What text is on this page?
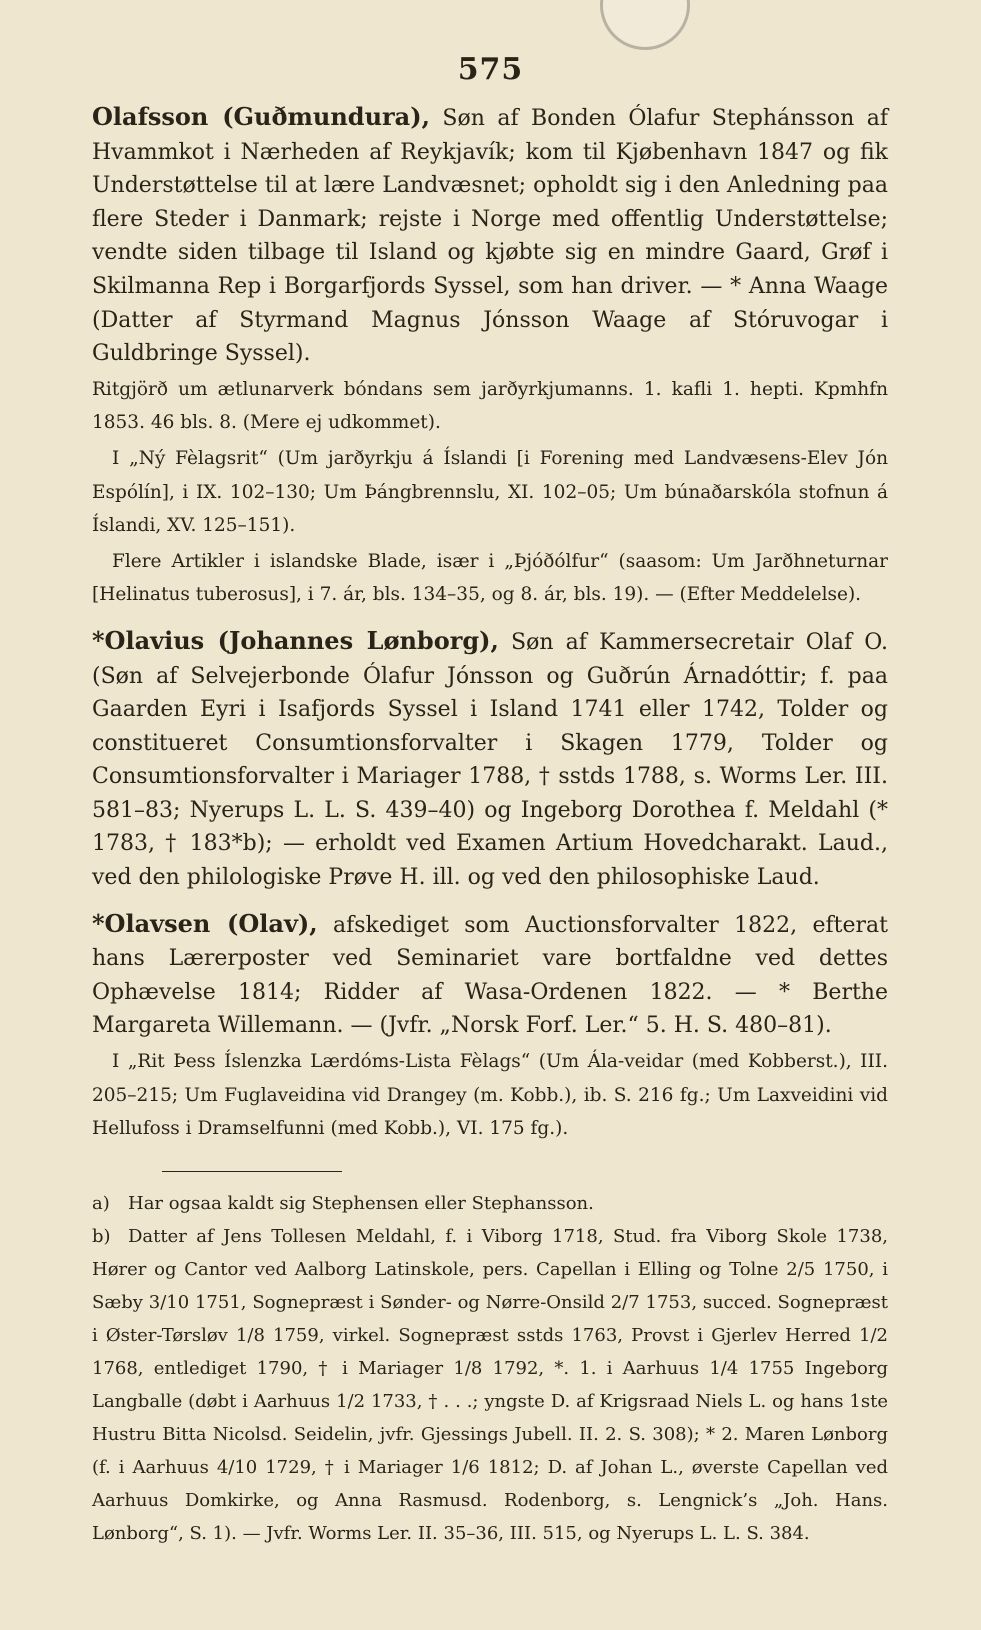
575

Olafsson (Guðmundura), Søn af Bonden Ólafur Stephánsson af Hvammkot i Nærheden af Reykjavík; kom til Kjøbenhavn 1847 og fik Understøttelse til at lære Landvæsnet; opholdt sig i den Anledning paa flere Steder i Danmark; rejste i Norge med offentlig Understøttelse; vendte siden tilbage til Island og kjøbte sig en mindre Gaard, Grøf i Skilmanna Rep i Borgarfjords Syssel, som han driver. — * Anna Waage (Datter af Styrmand Magnus Jónsson Waage af Stóruvogar i Guldbringe Syssel).

Ritgjörð um ætlunarverk bóndans sem jarðyrkjumanns. 1. kafli 1. hepti. Kpmhfn 1853. 46 bls. 8. (Mere ej udkommet).

I „Ný Fèlagsrit“ (Um jarðyrkju á Íslandi [i Forening med Landvæsens-Elev Jón Espólín], i IX. 102–130; Um Þángbrennslu, XI. 102–05; Um búnaðarskóla stofnun á Íslandi, XV. 125–151).

Flere Artikler i islandske Blade, især i „Þjóðólfur“ (saasom: Um Jarðhneturnar [Helinatus tuberosus], i 7. ár, bls. 134–35, og 8. ár, bls. 19). — (Efter Meddelelse).

*Olavius (Johannes Lønborg), Søn af Kammersecretair Olaf O. (Søn af Selvejerbonde Ólafur Jónsson og Guðrún Árnadóttir; f. paa Gaarden Eyri i Isafjords Syssel i Island 1741 eller 1742, Tolder og constitueret Consumtionsforvalter i Skagen 1779, Tolder og Consumtionsforvalter i Mariager 1788, † sstds 1788, s. Worms Ler. III. 581–83; Nyerups L. L. S. 439–40) og Ingeborg Dorothea f. Meldahl (* 1783, † 183*b); — erholdt ved Examen Artium Hovedcharakt. Laud., ved den philologiske Prøve H. ill. og ved den philosophiske Laud.

*Olavsen (Olav), afskediget som Auctionsforvalter 1822, efterat hans Lærerposter ved Seminariet vare bortfaldne ved dettes Ophævelse 1814; Ridder af Wasa-Ordenen 1822. — * Berthe Margareta Willemann. — (Jvfr. „Norsk Forf. Ler.“ 5. H. S. 480–81).

I „Rit Þess Íslenzka Lærdóms-Lista Fèlags“ (Um Ála-veidar (med Kobberst.), III. 205–215; Um Fuglaveidina vid Drangey (m. Kobb.), ib. S. 216 fg.; Um Laxveidini vid Hellufoss i Dramselfunni (med Kobb.), VI. 175 fg.).

a) Har ogsaa kaldt sig Stephensen eller Stephansson.

b) Datter af Jens Tollesen Meldahl, f. i Viborg 1718, Stud. fra Viborg Skole 1738, Hører og Cantor ved Aalborg Latinskole, pers. Capellan i Elling og Tolne 2/5 1750, i Sæby 3/10 1751, Sognepræst i Sønder- og Nørre-Onsild 2/7 1753, succed. Sognepræst i Øster-Tørsløv 1/8 1759, virkel. Sognepræst sstds 1763, Provst i Gjerlev Herred 1/2 1768, entlediget 1790, † i Mariager 1/8 1792, *. 1. i Aarhuus 1/4 1755 Ingeborg Langballe (døbt i Aarhuus 1/2 1733, † . . .; yngste D. af Krigsraad Niels L. og hans 1ste Hustru Bitta Nicolsd. Seidelin, jvfr. Gjessings Jubell. II. 2. S. 308); * 2. Maren Lønborg (f. i Aarhuus 4/10 1729, † i Mariager 1/6 1812; D. af Johan L., øverste Capellan ved Aarhuus Domkirke, og Anna Rasmusd. Rodenborg, s. Lengnick’s „Joh. Hans. Lønborg“, S. 1). — Jvfr. Worms Ler. II. 35–36, III. 515, og Nyerups L. L. S. 384.
